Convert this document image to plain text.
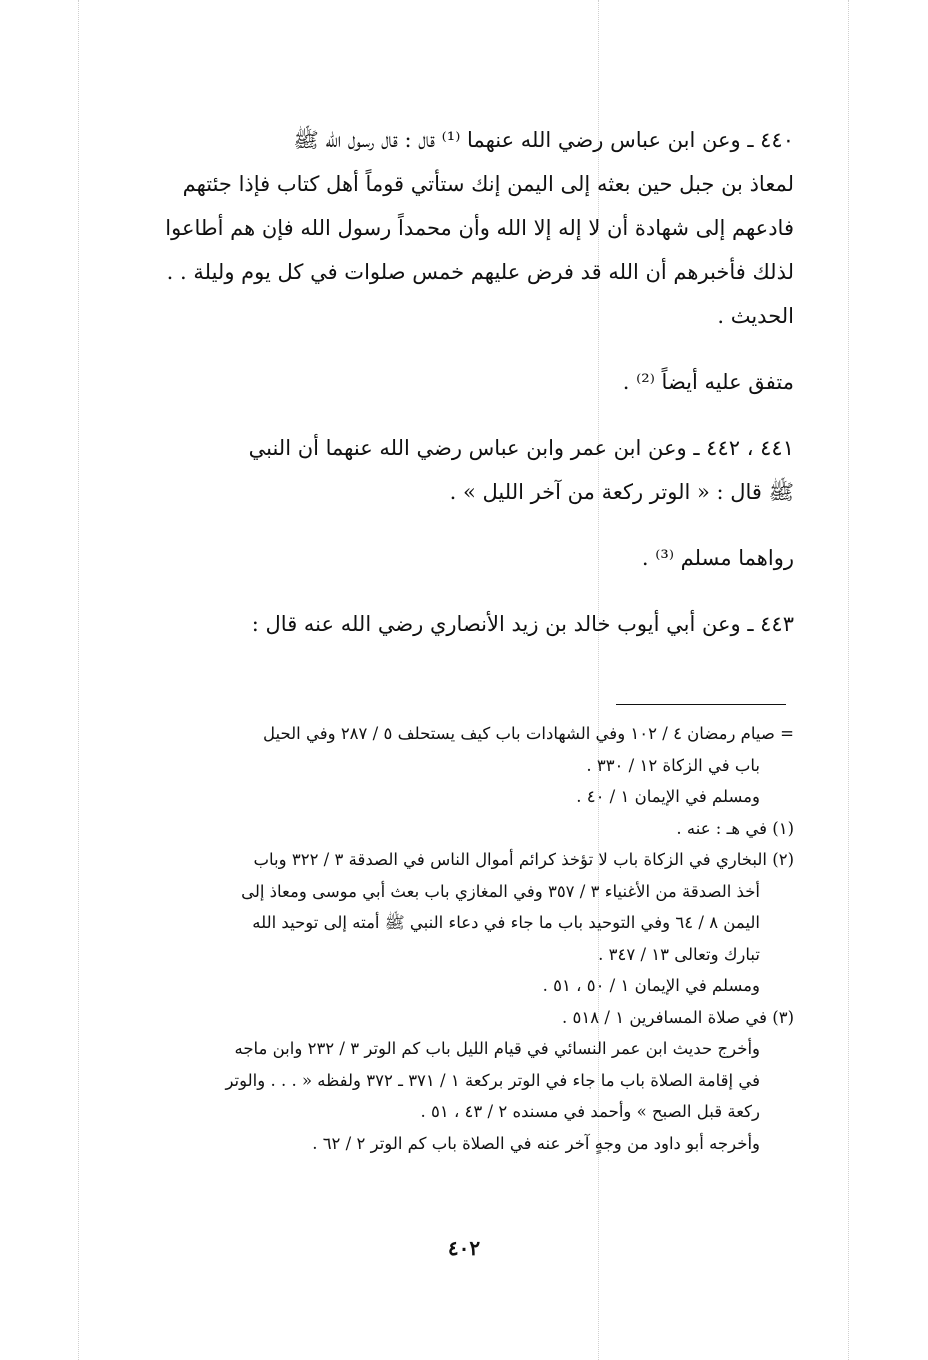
٤٤٠ ـ وعن ابن عباس رضي الله عنهما ⁽¹⁾ قال : قال رسول الله ﷺ

لمعاذ بن جبل حين بعثه إلى اليمن إنك ستأتي قوماً أهل كتاب فإذا جئتهم

فادعهم إلى شهادة أن لا إله إلا الله وأن محمداً رسول الله فإن هم أطاعوا

لذلك فأخبرهم أن الله قد فرض عليهم خمس صلوات في كل يوم وليلة . .

الحديث .

متفق عليه أيضاً ⁽²⁾ .

٤٤١ ، ٤٤٢ ـ وعن ابن عمر وابن عباس رضي الله عنهما أن النبي

ﷺ قال : « الوتر ركعة من آخر الليل » .

رواهما مسلم ⁽³⁾ .

٤٤٣ ـ وعن أبي أيوب خالد بن زيد الأنصاري رضي الله عنه قال :

= صيام رمضان ٤ / ١٠٢ وفي الشهادات باب كيف يستحلف ٥ / ٢٨٧ وفي الحيل

باب في الزكاة ١٢ / ٣٣٠ .

ومسلم في الإيمان ١ / ٤٠ .

(١) في هـ : عنه .

(٢) البخاري في الزكاة باب لا تؤخذ كرائم أموال الناس في الصدقة ٣ / ٣٢٢ وباب

أخذ الصدقة من الأغنياء ٣ / ٣٥٧ وفي المغازي باب بعث أبي موسى ومعاذ إلى

اليمن ٨ / ٦٤ وفي التوحيد باب ما جاء في دعاء النبي ﷺ أمته إلى توحيد الله

تبارك وتعالى ١٣ / ٣٤٧ .

ومسلم في الإيمان ١ / ٥٠ ، ٥١ .

(٣) في صلاة المسافرين ١ / ٥١٨ .

وأخرج حديث ابن عمر النسائي في قيام الليل باب كم الوتر ٣ / ٢٣٢ وابن ماجه

في إقامة الصلاة باب ما جاء في الوتر بركعة ١ / ٣٧١ ـ ٣٧٢ ولفظه « . . . والوتر

ركعة قبل الصبح » وأحمد في مسنده ٢ / ٤٣ ، ٥١ .

وأخرجه أبو داود من وجهٍ آخر عنه في الصلاة باب كم الوتر ٢ / ٦٢ .

٤٠٢
